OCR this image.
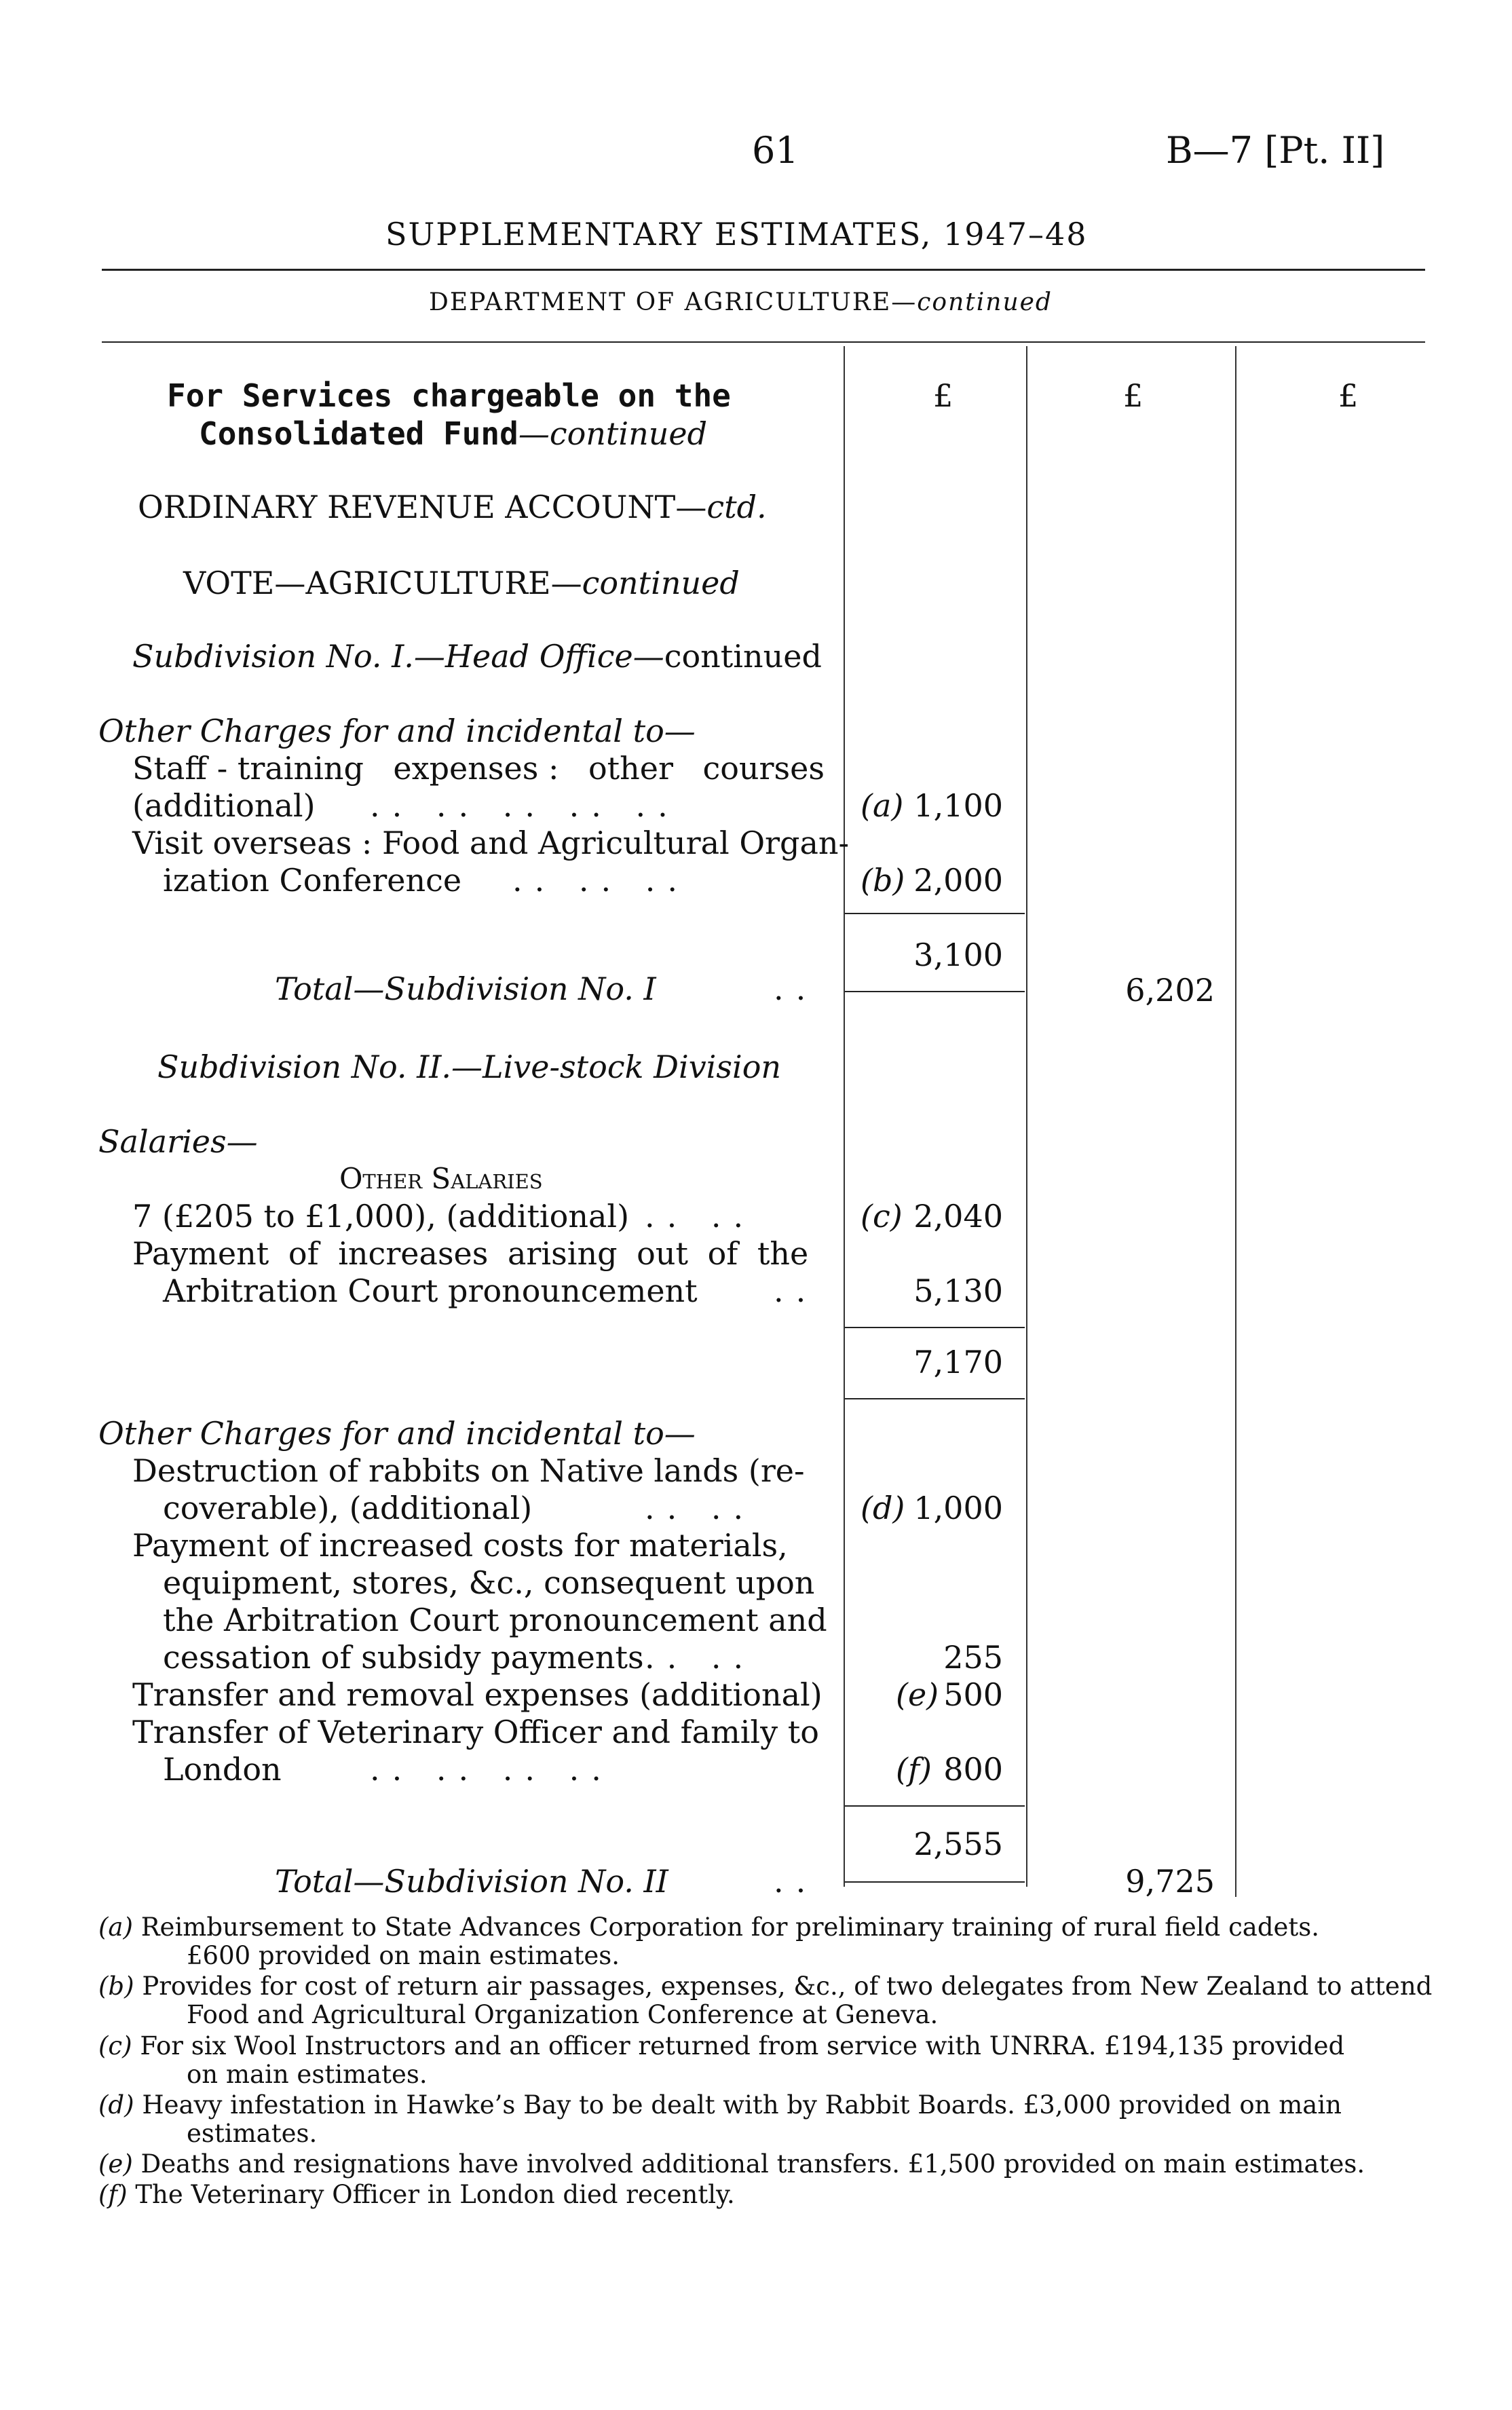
61	B—7 [Pt. II]
SUPPLEMENTARY ESTIMATES, 1947–48
DEPARTMENT OF AGRICULTURE—continued
£	£	£
For Services chargeable on the
Consolidated Fund—continued
ORDINARY REVENUE ACCOUNT—ctd.
VOTE—AGRICULTURE—continued
Subdivision No. I.—Head Office—continued
Other Charges for and incidental to—
Staff - training expenses : other courses
(additional) .. .. .. .. ..	(a) 1,100
Visit overseas : Food and Agricultural Organ-
ization Conference .. .. ..	(b) 2,000
3,100
Total—Subdivision No. I	..	6,202
Subdivision No. II.—Live-stock Division
Salaries—
Other Salaries
7 (£205 to £1,000), (additional) .. ..	(c) 2,040
Payment of increases arising out of the
Arbitration Court pronouncement ..	5,130
7,170
Other Charges for and incidental to—
Destruction of rabbits on Native lands (re-
coverable), (additional)	.. ..	(d) 1,000
Payment of increased costs for materials,
equipment, stores, &c., consequent upon
the Arbitration Court pronouncement and
cessation of subsidy payments .. ..	255
Transfer and removal expenses (additional) (e) 500
Transfer of Veterinary Officer and family to
London	.. .. .. ..	(f) 800
2,555
Total—Subdivision No. II	..	9,725
(a) Reimbursement to State Advances Corporation for preliminary training of rural field cadets.
£600 provided on main estimates.
(b) Provides for cost of return air passages, expenses, &c., of two delegates from New Zealand to attend
Food and Agricultural Organization Conference at Geneva.
(c) For six Wool Instructors and an officer returned from service with UNRRA. £194,135 provided
on main estimates.
(d) Heavy infestation in Hawke’s Bay to be dealt with by Rabbit Boards. £3,000 provided on main
estimates.
(e) Deaths and resignations have involved additional transfers. £1,500 provided on main estimates.
(f) The Veterinary Officer in London died recently.
